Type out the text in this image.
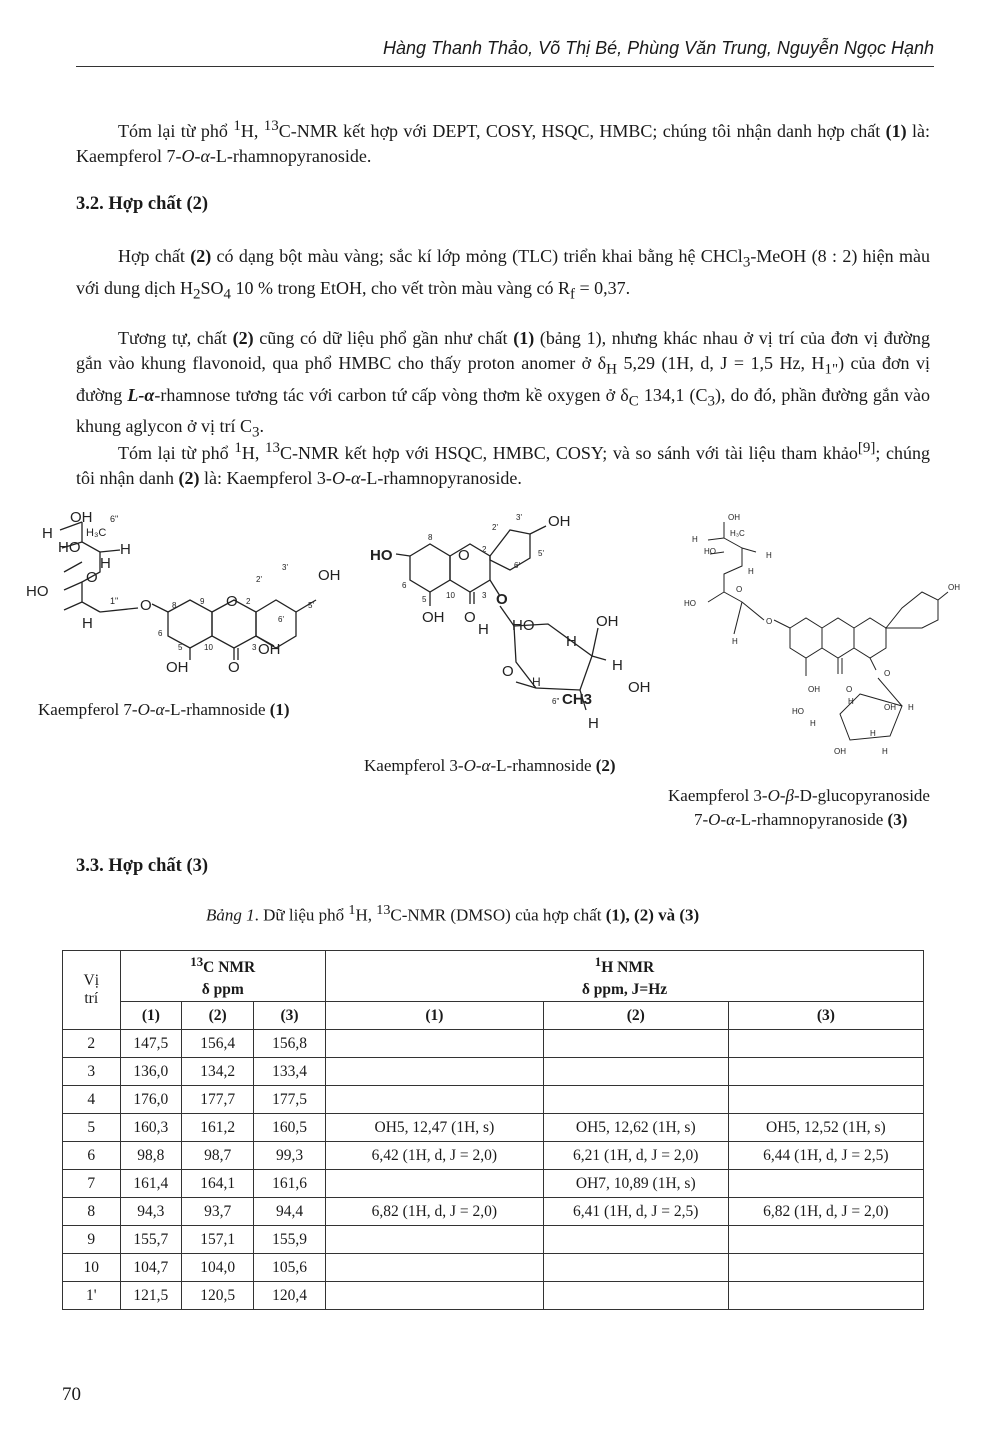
Hàng Thanh Thảo, Võ Thị Bé, Phùng Văn Trung, Nguyễn Ngọc Hạnh

Tóm lại từ phổ $^1$H, $^{13}$C-NMR kết hợp với DEPT, COSY, HSQC, HMBC; chúng tôi nhận danh hợp chất (1) là: Kaempferol 7-O-α-L-rhamnopyranoside.

3.2. Hợp chất (2)

Hợp chất (2) có dạng bột màu vàng; sắc kí lớp mỏng (TLC) triển khai bằng hệ CHCl$_3$-MeOH (8 : 2) hiện màu với dung dịch $H_2SO_4$ 10 % trong EtOH, cho vết tròn màu vàng có $R_f = 0,37$.

Tương tự, chất (2) cũng có dữ liệu phổ gần như chất (1) (bảng 1), nhưng khác nhau ở vị trí của đơn vị đường gắn vào khung flavonoid, qua phổ HMBC cho thấy proton anomer ở $\delta_H$ 5,29 (1H, d, J = 1,5 Hz, $H_{1"}$) của đơn vị đường L-α-rhamnose tương tác với carbon tứ cấp vòng thơm kề oxygen ở $\delta_C$ 134,1 $(C_3)$, do đó, phần đường gắn vào khung aglycon ở vị trí $C_3$.

Tóm lại từ phổ $^1$H, $^{13}$C-NMR kết hợp với HSQC, HMBC, COSY; và so sánh với tài liệu tham khảo[9]; chúng tôi nhận danh (2) là: Kaempferol 3-O-α-L-rhamnopyranoside.

OH
H	H₃C
6"
H
H
HO
O
HO
H
1" O	O
OH
OH
OH	O
8	9	2
2'
3'
5'
6'
6
5	10	3

Kaempferol 7-O-α-L-rhamnoside (1)

HO	O
OH
8
2
2'
3'
5'
6'
6
5 10	3
OH O
O
H HO	OH
H
O
H
H
OH
CH3
6"
H

Kaempferol 3-O-α-L-rhamnoside (2)

OH
H
H₃C
HO	H
H
HO
O
H
O
OH
OH	O
O
H
OH H
HO
H
H
OH	H

Kaempferol 3-O-β-D-glucopyranoside

7-O-α-L-rhamnopyranoside (3)

3.3. Hợp chất (3)

Bảng 1. Dữ liệu phổ $^1$H, $^{13}$C-NMR (DMSO) của hợp chất (1), (2) và (3)
Vị
trí	$^{13}$C NMR
δ ppm			$^1$H NMR
δ ppm, J=Hz		
	(1)	(2)	(3)	(1)	(2)	(3)
2	147,5	156,4	156,8			
3	136,0	134,2	133,4			
4	176,0	177,7	177,5			
5	160,3	161,2	160,5	OH5, 12,47 (1H, s)	OH5, 12,62 (1H, s)	OH5, 12,52 (1H, s)
6	98,8	98,7	99,3	6,42 (1H, d, J = 2,0)	6,21 (1H, d, J = 2,0)	6,44 (1H, d, J = 2,5)
7	161,4	164,1	161,6		OH7, 10,89 (1H, s)	
8	94,3	93,7	94,4	6,82 (1H, d, J = 2,0)	6,41 (1H, d, J = 2,5)	6,82 (1H, d, J = 2,0)
9	155,7	157,1	155,9			
10	104,7	104,0	105,6			
1'	121,5	120,5	120,4			
70
